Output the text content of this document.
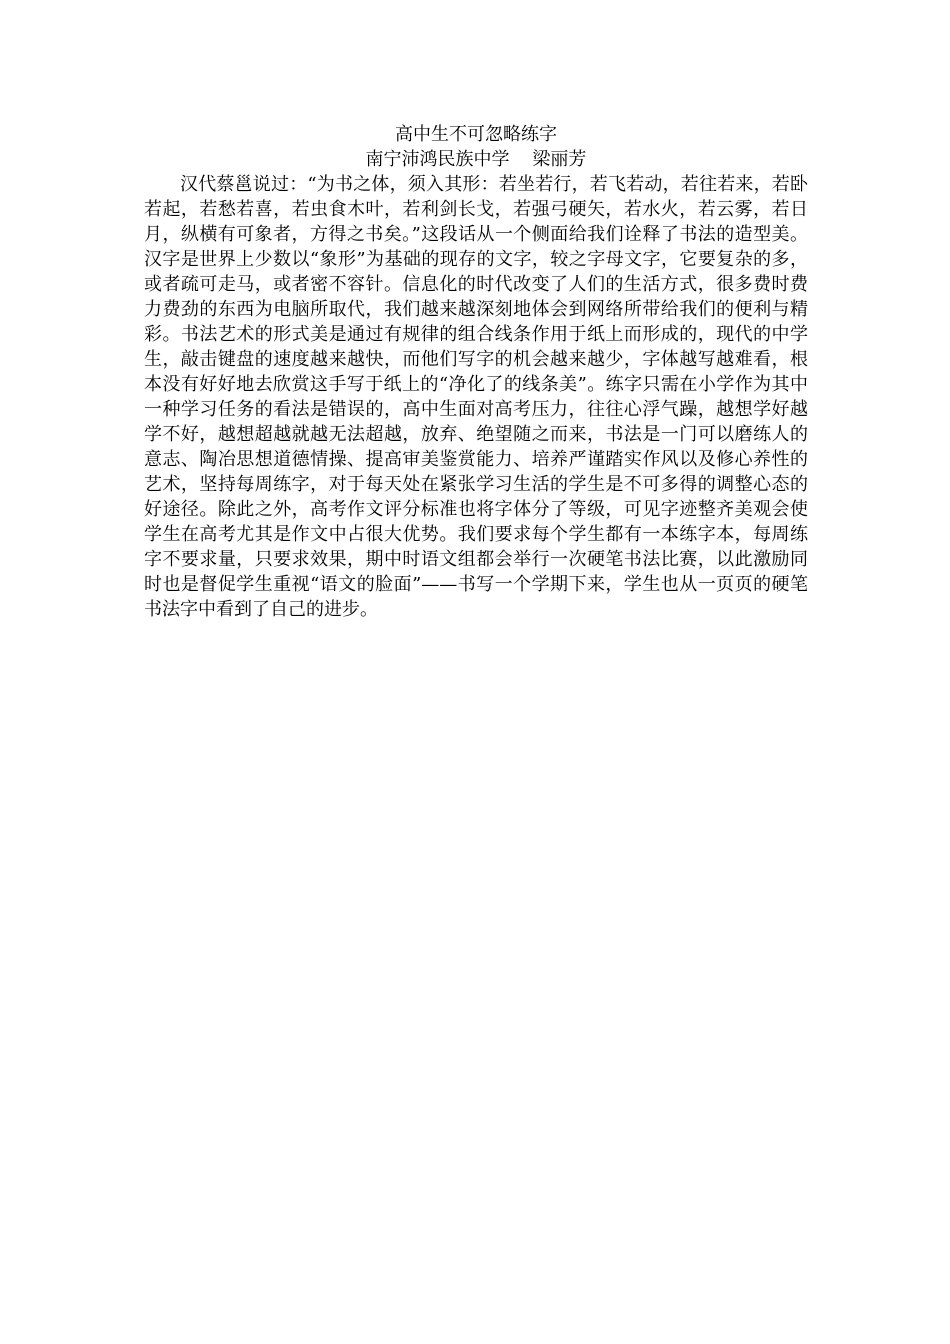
高中生不可忽略练字

南宁沛鸿民族中学    梁丽芳

汉代蔡邕说过：“为书之体，须入其形：若坐若行，若飞若动，若往若来，若卧若起，若愁若喜，若虫食木叶，若利剑长戈，若强弓硬矢，若水火，若云雾，若日月，纵横有可象者，方得之书矣。”这段话从一个侧面给我们诠释了书法的造型美。汉字是世界上少数以“象形”为基础的现存的文字，较之字母文字，它要复杂的多，或者疏可走马，或者密不容针。信息化的时代改变了人们的生活方式，很多费时费力费劲的东西为电脑所取代，我们越来越深刻地体会到网络所带给我们的便利与精彩。书法艺术的形式美是通过有规律的组合线条作用于纸上而形成的，现代的中学生，敲击键盘的速度越来越快，而他们写字的机会越来越少，字体越写越难看，根本没有好好地去欣赏这手写于纸上的“净化了的线条美”。练字只需在小学作为其中一种学习任务的看法是错误的，高中生面对高考压力，往往心浮气躁，越想学好越学不好，越想超越就越无法超越，放弃、绝望随之而来，书法是一门可以磨练人的意志、陶冶思想道德情操、提高审美鉴赏能力、培养严谨踏实作风以及修心养性的艺术，坚持每周练字，对于每天处在紧张学习生活的学生是不可多得的调整心态的好途径。除此之外，高考作文评分标准也将字体分了等级，可见字迹整齐美观会使学生在高考尤其是作文中占很大优势。我们要求每个学生都有一本练字本，每周练字不要求量，只要求效果，期中时语文组都会举行一次硬笔书法比赛，以此激励同时也是督促学生重视“语文的脸面”——书写一个学期下来，学生也从一页页的硬笔书法字中看到了自己的进步。
